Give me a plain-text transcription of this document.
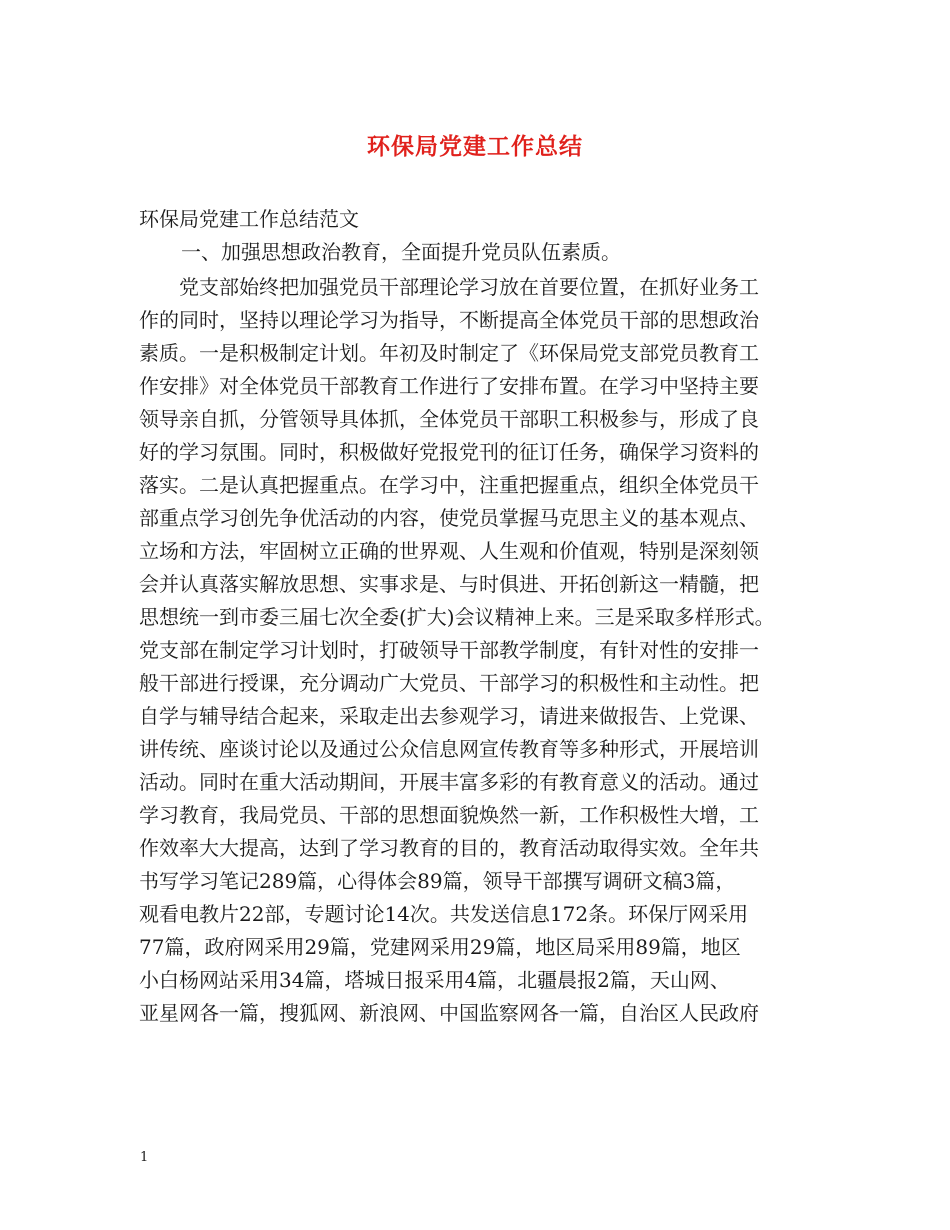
环保局党建工作总结

环保局党建工作总结范文

一、加强思想政治教育，全面提升党员队伍素质。

　　党支部始终把加强党员干部理论学习放在首要位置，在抓好业务工
作的同时，坚持以理论学习为指导，不断提高全体党员干部的思想政治
素质。一是积极制定计划。年初及时制定了《环保局党支部党员教育工
作安排》对全体党员干部教育工作进行了安排布置。在学习中坚持主要
领导亲自抓，分管领导具体抓，全体党员干部职工积极参与，形成了良
好的学习氛围。同时，积极做好党报党刊的征订任务，确保学习资料的
落实。二是认真把握重点。在学习中，注重把握重点，组织全体党员干
部重点学习创先争优活动的内容，使党员掌握马克思主义的基本观点、
立场和方法，牢固树立正确的世界观、人生观和价值观，特别是深刻领
会并认真落实解放思想、实事求是、与时俱进、开拓创新这一精髓，把
思想统一到市委三届七次全委(扩大)会议精神上来。三是采取多样形式。
党支部在制定学习计划时，打破领导干部教学制度，有针对性的安排一
般干部进行授课，充分调动广大党员、干部学习的积极性和主动性。把
自学与辅导结合起来，采取走出去参观学习，请进来做报告、上党课、
讲传统、座谈讨论以及通过公众信息网宣传教育等多种形式，开展培训
活动。同时在重大活动期间，开展丰富多彩的有教育意义的活动。通过
学习教育，我局党员、干部的思想面貌焕然一新，工作积极性大增，工
作效率大大提高，达到了学习教育的目的，教育活动取得实效。全年共
书写学习笔记289篇，心得体会89篇，领导干部撰写调研文稿3篇，
观看电教片22部，专题讨论14次。共发送信息172条。环保厅网采用
77篇，政府网采用29篇，党建网采用29篇，地区局采用89篇，地区
小白杨网站采用34篇，塔城日报采用4篇，北疆晨报2篇，天山网、
亚星网各一篇，搜狐网、新浪网、中国监察网各一篇，自治区人民政府

1
